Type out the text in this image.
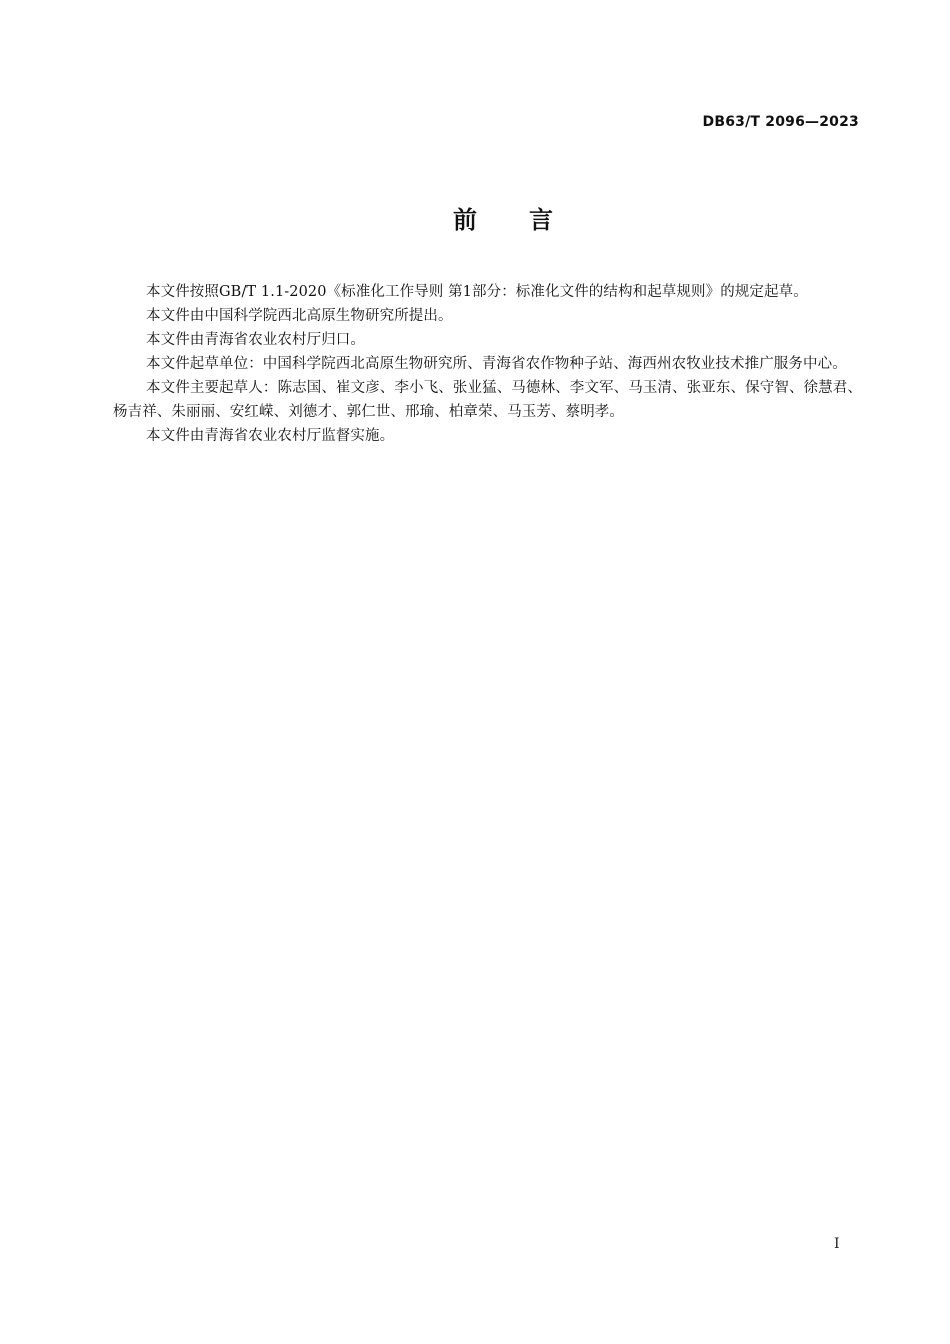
DB63/T 2096—2023
前 言

本文件按照GB/T 1.1-2020《标准化工作导则 第1部分：标准化文件的结构和起草规则》的规定起草。

本文件由中国科学院西北高原生物研究所提出。

本文件由青海省农业农村厅归口。

本文件起草单位：中国科学院西北高原生物研究所、青海省农作物种子站、海西州农牧业技术推广服务中心。

本文件主要起草人：陈志国、崔文彦、李小飞、张业猛、马德林、李文军、马玉清、张亚东、保守智、徐慧君、杨吉祥、朱丽丽、安红嵘、刘德才、郭仁世、邢瑜、柏章荣、马玉芳、蔡明孝。

本文件由青海省农业农村厅监督实施。

I
